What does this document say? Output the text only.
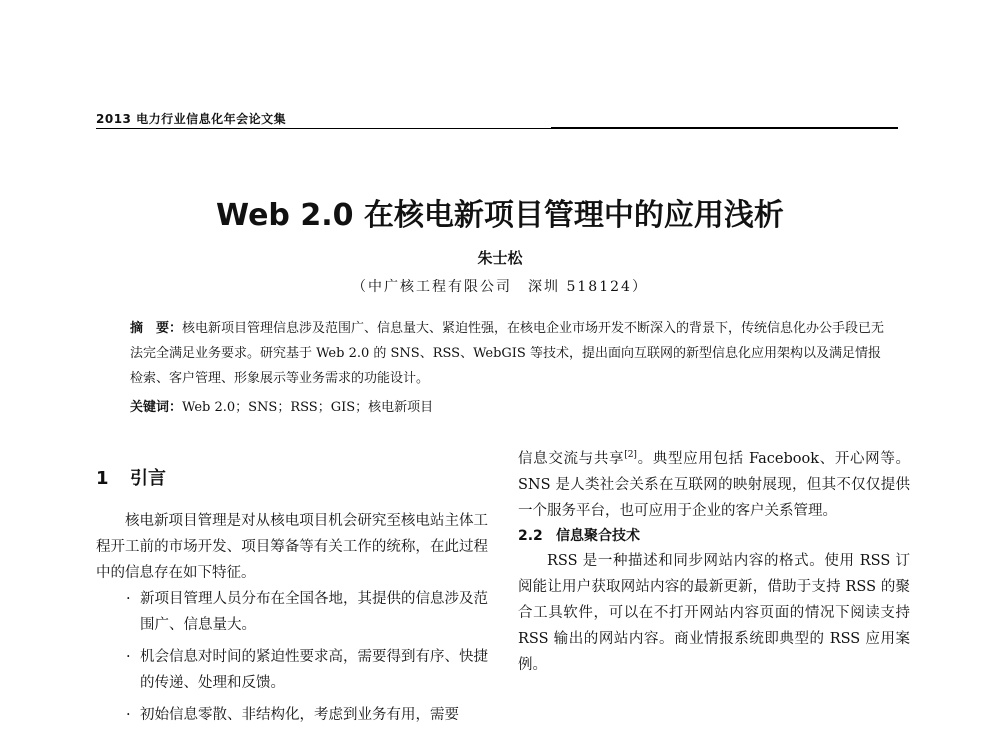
2013 电力行业信息化年会论文集
Web 2.0 在核电新项目管理中的应用浅析
朱士松
（中广核工程有限公司　深圳 518124）
摘　要：核电新项目管理信息涉及范围广、信息量大、紧迫性强，在核电企业市场开发不断深入的背景下，传统信息化办公手段已无法完全满足业务要求。研究基于 Web 2.0 的 SNS、RSS、WebGIS 等技术，提出面向互联网的新型信息化应用架构以及满足情报检索、客户管理、形象展示等业务需求的功能设计。
关键词：Web 2.0；SNS；RSS；GIS；核电新项目
1 引言
核电新项目管理是对从核电项目机会研究至核电站主体工程开工前的市场开发、项目筹备等有关工作的统称，在此过程中的信息存在如下特征。
· 新项目管理人员分布在全国各地，其提供的信息涉及范围广、信息量大。
· 机会信息对时间的紧迫性要求高，需要得到有序、快捷的传递、处理和反馈。
· 初始信息零散、非结构化，考虑到业务有用，需要
信息交流与共享[2]。典型应用包括 Facebook、开心网等。SNS 是人类社会关系在互联网的映射展现，但其不仅仅提供一个服务平台，也可应用于企业的客户关系管理。
2.2 信息聚合技术
RSS 是一种描述和同步网站内容的格式。使用 RSS 订阅能让用户获取网站内容的最新更新，借助于支持 RSS 的聚合工具软件，可以在不打开网站内容页面的情况下阅读支持 RSS 输出的网站内容。商业情报系统即典型的 RSS 应用案例。
